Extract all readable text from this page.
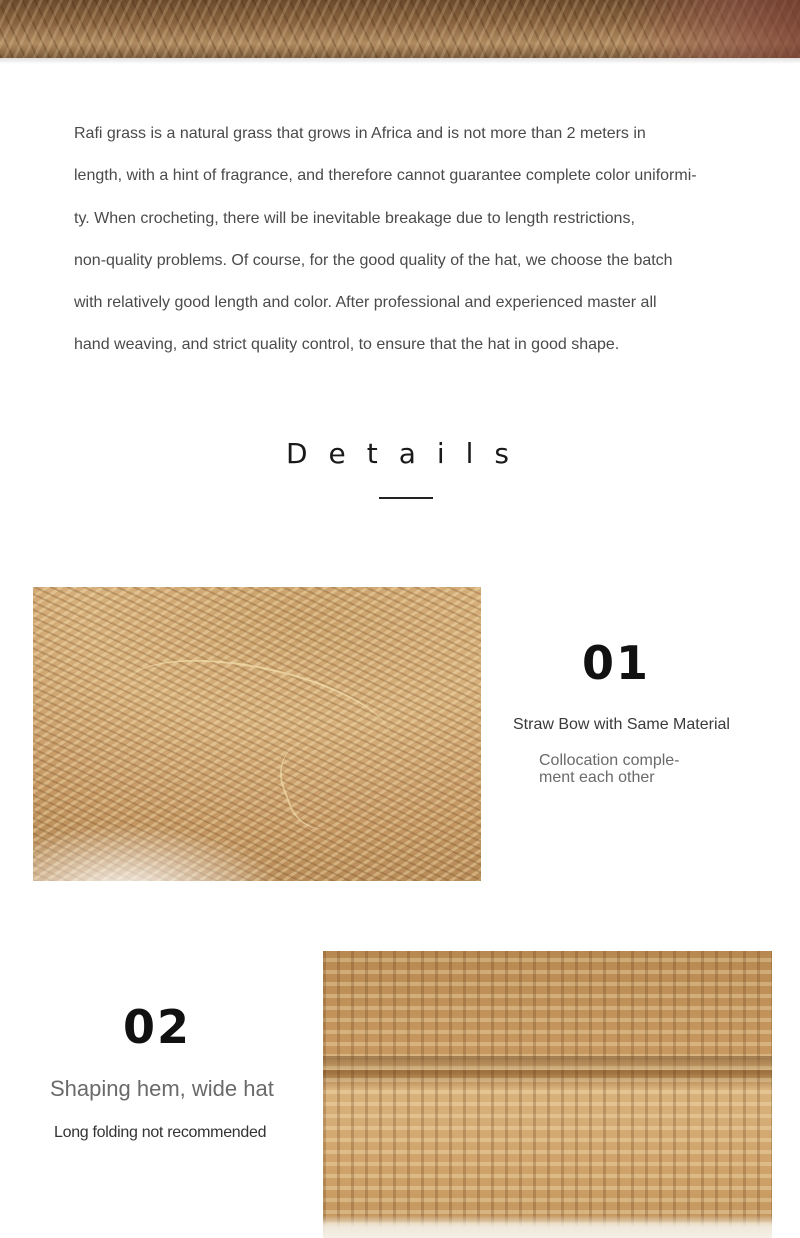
Rafi grass is a natural grass that grows in Africa and is not more than 2 meters in
length, with a hint of fragrance, and therefore cannot guarantee complete color uniformi-
ty. When crocheting, there will be inevitable breakage due to length restrictions,
non-quality problems. Of course, for the good quality of the hat, we choose the batch
with relatively good length and color. After professional and experienced master all
hand weaving, and strict quality control, to ensure that the hat in good shape.

Details
01
Straw Bow with Same Material
Collocation comple-
ment each other
02
Shaping hem, wide hat
Long folding not recommended
